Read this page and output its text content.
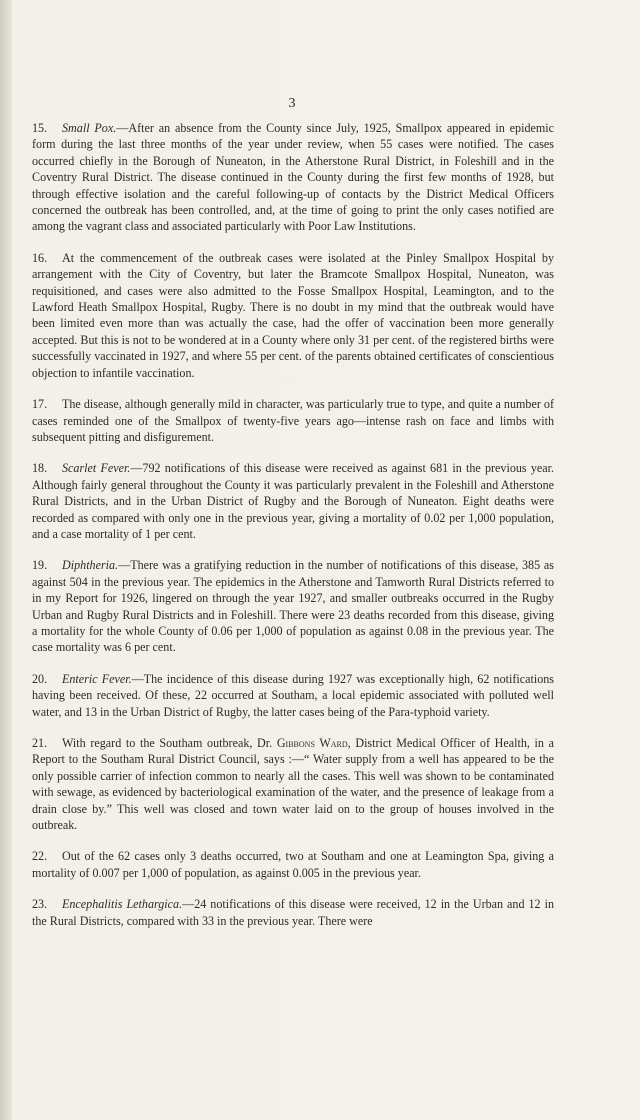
3

15. Small Pox.—After an absence from the County since July, 1925, Smallpox appeared in epidemic form during the last three months of the year under review, when 55 cases were notified. The cases occurred chiefly in the Borough of Nuneaton, in the Atherstone Rural District, in Foleshill and in the Coventry Rural District. The disease continued in the County during the first few months of 1928, but through effective isolation and the careful following-up of contacts by the District Medical Officers concerned the outbreak has been controlled, and, at the time of going to print the only cases notified are among the vagrant class and associated particularly with Poor Law Institutions.

16. At the commencement of the outbreak cases were isolated at the Pinley Smallpox Hospital by arrangement with the City of Coventry, but later the Bramcote Smallpox Hospital, Nuneaton, was requisitioned, and cases were also admitted to the Fosse Smallpox Hospital, Leamington, and to the Lawford Heath Smallpox Hospital, Rugby. There is no doubt in my mind that the outbreak would have been limited even more than was actually the case, had the offer of vaccination been more generally accepted. But this is not to be wondered at in a County where only 31 per cent. of the registered births were successfully vaccinated in 1927, and where 55 per cent. of the parents obtained certificates of conscientious objection to infantile vaccination.

17. The disease, although generally mild in character, was particularly true to type, and quite a number of cases reminded one of the Smallpox of twenty-five years ago—intense rash on face and limbs with subsequent pitting and disfigurement.

18. Scarlet Fever.—792 notifications of this disease were received as against 681 in the previous year. Although fairly general throughout the County it was particularly prevalent in the Foleshill and Atherstone Rural Districts, and in the Urban District of Rugby and the Borough of Nuneaton. Eight deaths were recorded as compared with only one in the previous year, giving a mortality of 0.02 per 1,000 population, and a case mortality of 1 per cent.

19. Diphtheria.—There was a gratifying reduction in the number of notifications of this disease, 385 as against 504 in the previous year. The epidemics in the Atherstone and Tamworth Rural Districts referred to in my Report for 1926, lingered on through the year 1927, and smaller outbreaks occurred in the Rugby Urban and Rugby Rural Districts and in Foleshill. There were 23 deaths recorded from this disease, giving a mortality for the whole County of 0.06 per 1,000 of population as against 0.08 in the previous year. The case mortality was 6 per cent.

20. Enteric Fever.—The incidence of this disease during 1927 was exceptionally high, 62 notifications having been received. Of these, 22 occurred at Southam, a local epidemic associated with polluted well water, and 13 in the Urban District of Rugby, the latter cases being of the Para-typhoid variety.

21. With regard to the Southam outbreak, Dr. Gibbons Ward, District Medical Officer of Health, in a Report to the Southam Rural District Council, says :—“ Water supply from a well has appeared to be the only possible carrier of infection common to nearly all the cases. This well was shown to be contaminated with sewage, as evidenced by bacteriological examination of the water, and the presence of leakage from a drain close by.” This well was closed and town water laid on to the group of houses involved in the outbreak.

22. Out of the 62 cases only 3 deaths occurred, two at Southam and one at Leamington Spa, giving a mortality of 0.007 per 1,000 of population, as against 0.005 in the previous year.

23. Encephalitis Lethargica.—24 notifications of this disease were received, 12 in the Urban and 12 in the Rural Districts, compared with 33 in the previous year. There were
